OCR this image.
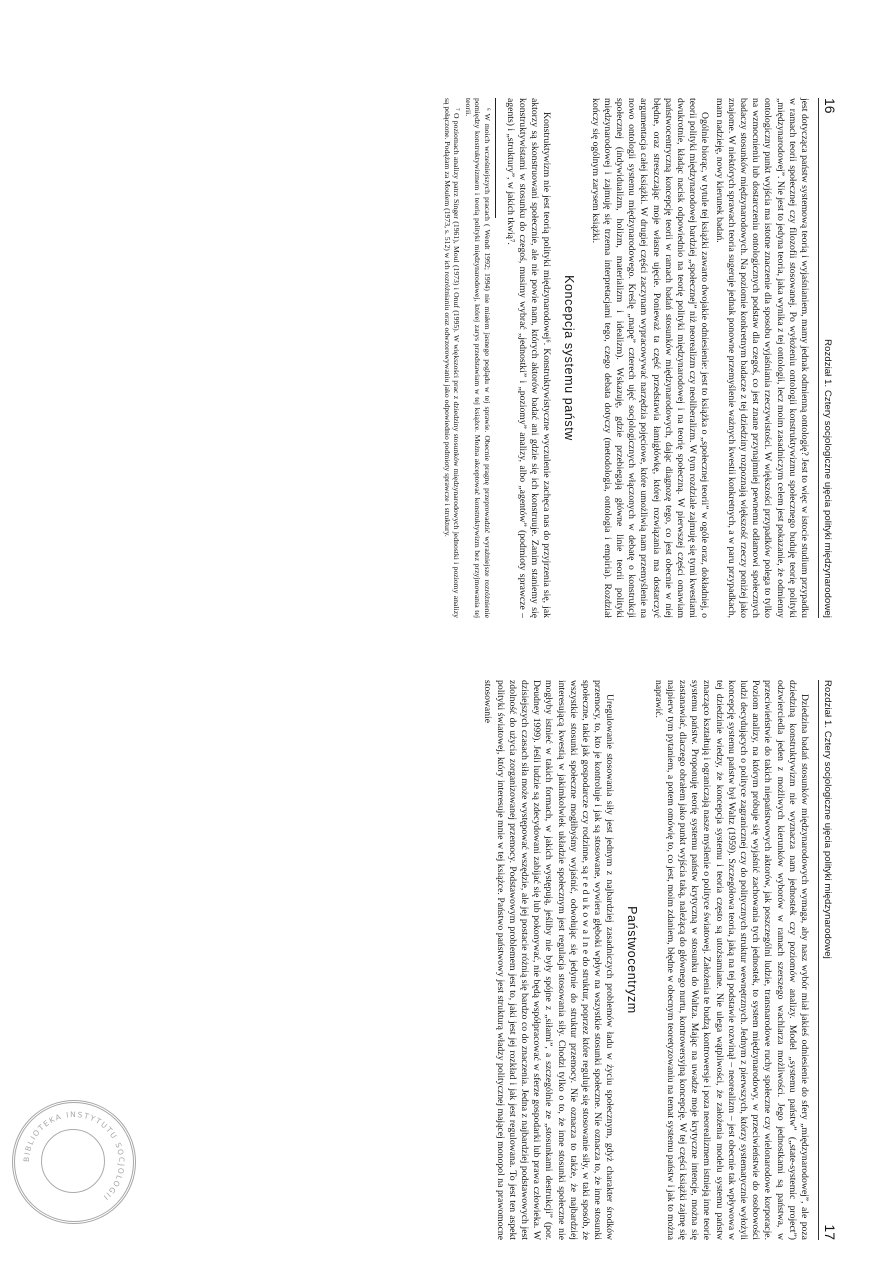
16
Rozdział 1. Cztery socjologiczne ujęcia polityki międzynarodowej

jest dotycząca państw systemową teorią i wyjaśnianiem, mamy jednak odmienną ontologię? Jest to więc w istocie studium przypadku w ramach teorii społecznej czy filozofii stosowanej. Po wyłożeniu ontologii konstruktywizmu społecznego buduję teorię polityki „międzynarodowej”. Nie jest to jedyna teoria, jaka wynika z tej ontologii, lecz moim zasadniczym celem jest pokazanie, że odmienny ontologiczny punkt wyjścia ma istotne znaczenie dla sposobu wyjaśniania rzeczywistości. W większości przypadków polega to tylko na wzmocnieniu lub dostarczeniu ontologicznych podstaw dla czegoś, co jest znane przynajmniej pewnemu odłamowi społecznych badaczy stosunków międzynarodowych. Na poziomie konkretnym badacze z tej dziedziny rozpoznają większość rzeczy poniżej jako znajome. W niektórych sprawach teoria sugeruje jednak ponowne przemyślenie ważnych kwestii konkretnych, a w paru przypadkach, mam nadzieję, nowy kierunek badań.

Ogólnie biorąc, w tytule tej książki zawarto dwojakie odniesienie: jest to książka o „społecznej teorii” w ogóle oraz, dokładniej, o teorii polityki międzynarodowej bardziej „społecznej” niż neorealizm czy neoliberalizm. W tym rozdziale zajmuję się tymi kwestiami dwukrotnie, kładąc nacisk odpowiednio na teorię polityki międzynarodowej i na teorię społeczną. W pierwszej części omawiam państwocentryczną koncepcję teorii w ramach badań stosunków międzynarodowych, dając diagnozę tego, co jest obecnie w niej błędne, oraz streszczając moje własne ujęcie. Ponieważ ta część przedstawia łamigłówkę, której rozwiązania ma dostarczyć argumentacja całej książki. W drugiej części zaczynam wypracowywać narzędzia pojęciowe, które umożliwią nam przemyślenie na nowo ontologii systemu międzynarodowego. Kreślę „mapę” czterech ujęć socjologicznych włączonych w debatę o konstrukcji społecznej (indywidualizm, holizm, materializm i idealizm). Wskazuję, gdzie przebiegają główne linie teorii polityki międzynarodowej i zajmuję się trzema interpretacjami tego, czego debata dotyczy (metodologia, ontologia i empiria). Rozdział kończy się ogólnym zarysem książki.

Koncepcja systemu państw

Konstruktywizm nie jest teorią polityki międzynarodowej⁶. Konstruktywistyczne wyczulenie zachęca nas do przyjrzenia się, jak aktorzy są skonstruowani społecznie, ale nie powie nam, których aktorów badać ani gdzie się ich konstruuje. Zanim staniemy się konstruktywistami w stosunku do czegoś, musimy wybrać „jednostki” i „poziomy” analizy, albo „agentów” (podmioty sprawcze – agents) i „struktury”, w jakich tkwią⁷.

⁶ W moich wcześniejszych pracach ( Wendt 1992; 1994) nie miałem jasnego poglądu w tej sprawie. Obecnie pragnę przeprowadzić wyraźniejsze rozróżnienie pomiędzy konstruktywizmem i teorią polityki międzynarodowej, której zarys przedstawiam w tej książce. Można akceptować konstruktywizm bez przyjmowania tej teorii.

⁷ O poziomach analizy patrz Singer (1961), Moul (1973) i Onuf (1995). W większości prac z dziedziny stosunków międzynarodowych jednostki i poziomy analizy są połączone. Podążam za Moulem (1973, s. 512) w ich rozróżnianiu oraz odwzorowywaniu jako odpowiednio podmioty sprawcze i struktury.

Rozdział 1. Cztery socjologiczne ujęcia polityki międzynarodowej
17

Dziedzina badań stosunków międzynarodowych wymaga, aby nasz wybór miał jakieś odniesienie do sfery „międzynarodowej”, ale poza dziedziną konstruktywizm nie wyznacza nam jednostek czy poziomów analizy. Model „systemu państw” („state-systemic project”) odzwierciedla jeden z możliwych kierunków wyborów w ramach szerszego wachlarza możliwości. Jego jednostkami są państwa, w przeciwieństwie do takich niepaństwowych aktorów, jak poszczególni ludzie, transnarodowe ruchy społeczne czy wielonarodowe korporacje. Poziom analizy, na którym próbuje się wyjaśnić zachowania tych jednostek, to system międzynarodowy, w przeciwieństwie do osobowości ludzi decydujących o polityce zagranicznej czy do politycznych struktur wewnętrznych. Jednym z pierwszych, którzy systematycznie wyłożyli koncepcję systemu państw był Waltz (1959). Szczegółowa teoria, jaką na tej podstawie rozwinął – neorealizm – jest obecnie tak wpływowa w tej dziedzinie wiedzy, że koncepcja systemu i teoria często są utożsamiane. Nie ulega wątpliwości, że założenia modelu systemu państw znacząco kształtują i ograniczają nasze myślenie o polityce światowej. Założenia te budzą kontrowersje i poza neorealizmem istnieją inne teorie systemu państw. Proponuję teorię systemu państw krytyczną w stosunku do Waltza. Mając na uwadze moje krytyczne intencje, można się zastanawiać, dlaczego obrałem jako punkt wyjścia taką, należącą do głównego nurtu, kontrowersyjną koncepcję. W tej części książki zajmę się najpierw tym pytaniem, a potem omówię to, co jest, moim zdaniem, błędne w obecnym teoretyzowaniu na temat systemu państw i jak to można naprawić.

Państwocentryzm

Uregulowanie stosowania siły jest jednym z najbardziej zasadniczych problemów ładu w życiu społecznym, gdyż charakter środków przemocy, to, kto je kontroluje i jak są stosowane, wywiera głęboki wpływ na wszystkie stosunki społeczne. Nie oznacza to, że inne stosunki społeczne, takie jak gospodarcze czy rodzinne, są r e d u k o w a l n e do struktur, poprzez które reguluje się stosowanie siły, w taki sposób, że wszystkie stosunki społeczne mogłibyśmy wyjaśnić, odwołując się jedynie do struktur przemocy. Nie oznacza to także, że najbardziej interesującą kwestią w jakimkolwiek układzie społecznym jest regulacja stosowania siły. Chodzi tylko o to, że inne stosunki społeczne nie mogłyby istnieć w takich formach, w jakich występują, jeśliby nie były spójne z „siłami”, a szczególnie ze „stosunkami destrukcji” (por. Deudney 1999). Jeśli ludzie są zdecydowani zabijać się lub pokonywać, nie będą współpracować w sferze gospodarki lub prawa człowieka. W dzisiejszych czasach siła może występować wszędzie, ale jej postacie różnią się bardzo co do znaczenia. Jedna z najbardziej podstawowych jest zdolność do użycia zorganizowanej przemocy. Podstawowym problemem jest to, jaki jest jej rozkład i jak jest regulowana. To jest ten aspekt polityki światowej, który interesuje mnie w tej książce. Państwo państwowy jest strukturą władzy politycznej mającej monopol na prawomocne stosowanie

BIBLIOTEKA INSTYTUTU SOCJOLOGII
